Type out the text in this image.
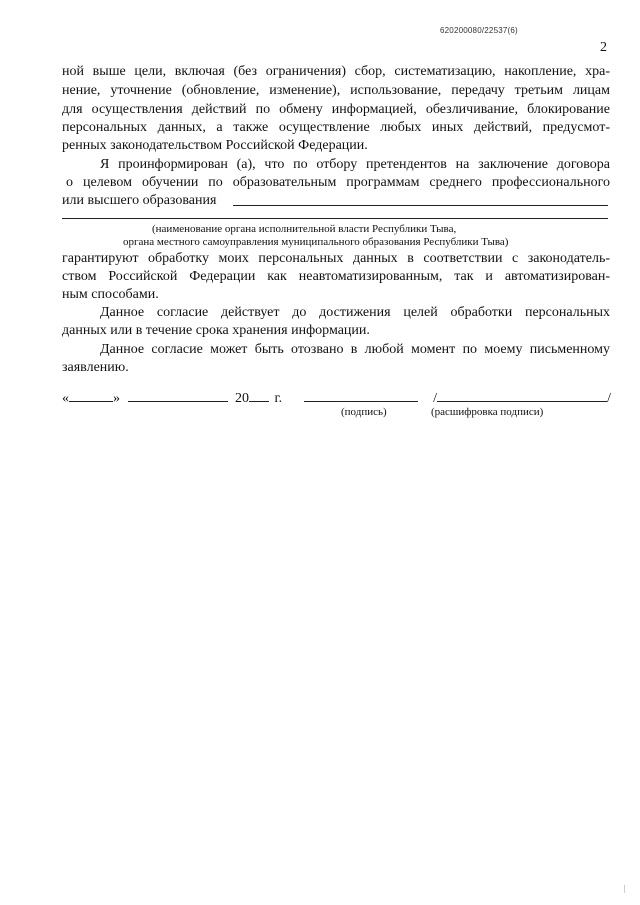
620200080/22537(6)
2
ной выше цели, включая (без ограничения) сбор, систематизацию, накопление, хра-
нение, уточнение (обновление, изменение), использование, передачу третьим лицам
для осуществления действий по обмену информацией, обезличивание, блокирование
персональных данных, а также осуществление любых иных действий, предусмот-
ренных законодательством Российской Федерации.
Я проинформирован (а), что по отбору претендентов на заключение договора
о целевом обучении по образовательным программам среднего профессионального
или высшего образования
(наименование органа исполнительной власти Республики Тыва,
органа местного самоуправления муниципального образования Республики Тыва)
гарантируют обработку моих персональных данных в соответствии с законодатель-
ством Российской Федерации как неавтоматизированным, так и автоматизирован-
ным способами.
Данное согласие действует до достижения целей обработки персональных
данных или в течение срока хранения информации.
Данное согласие может быть отозвано в любой момент по моему письменному
заявлению.
«	»	20 г.	/	/
(подпись)	(расшифровка подписи)
⁄
